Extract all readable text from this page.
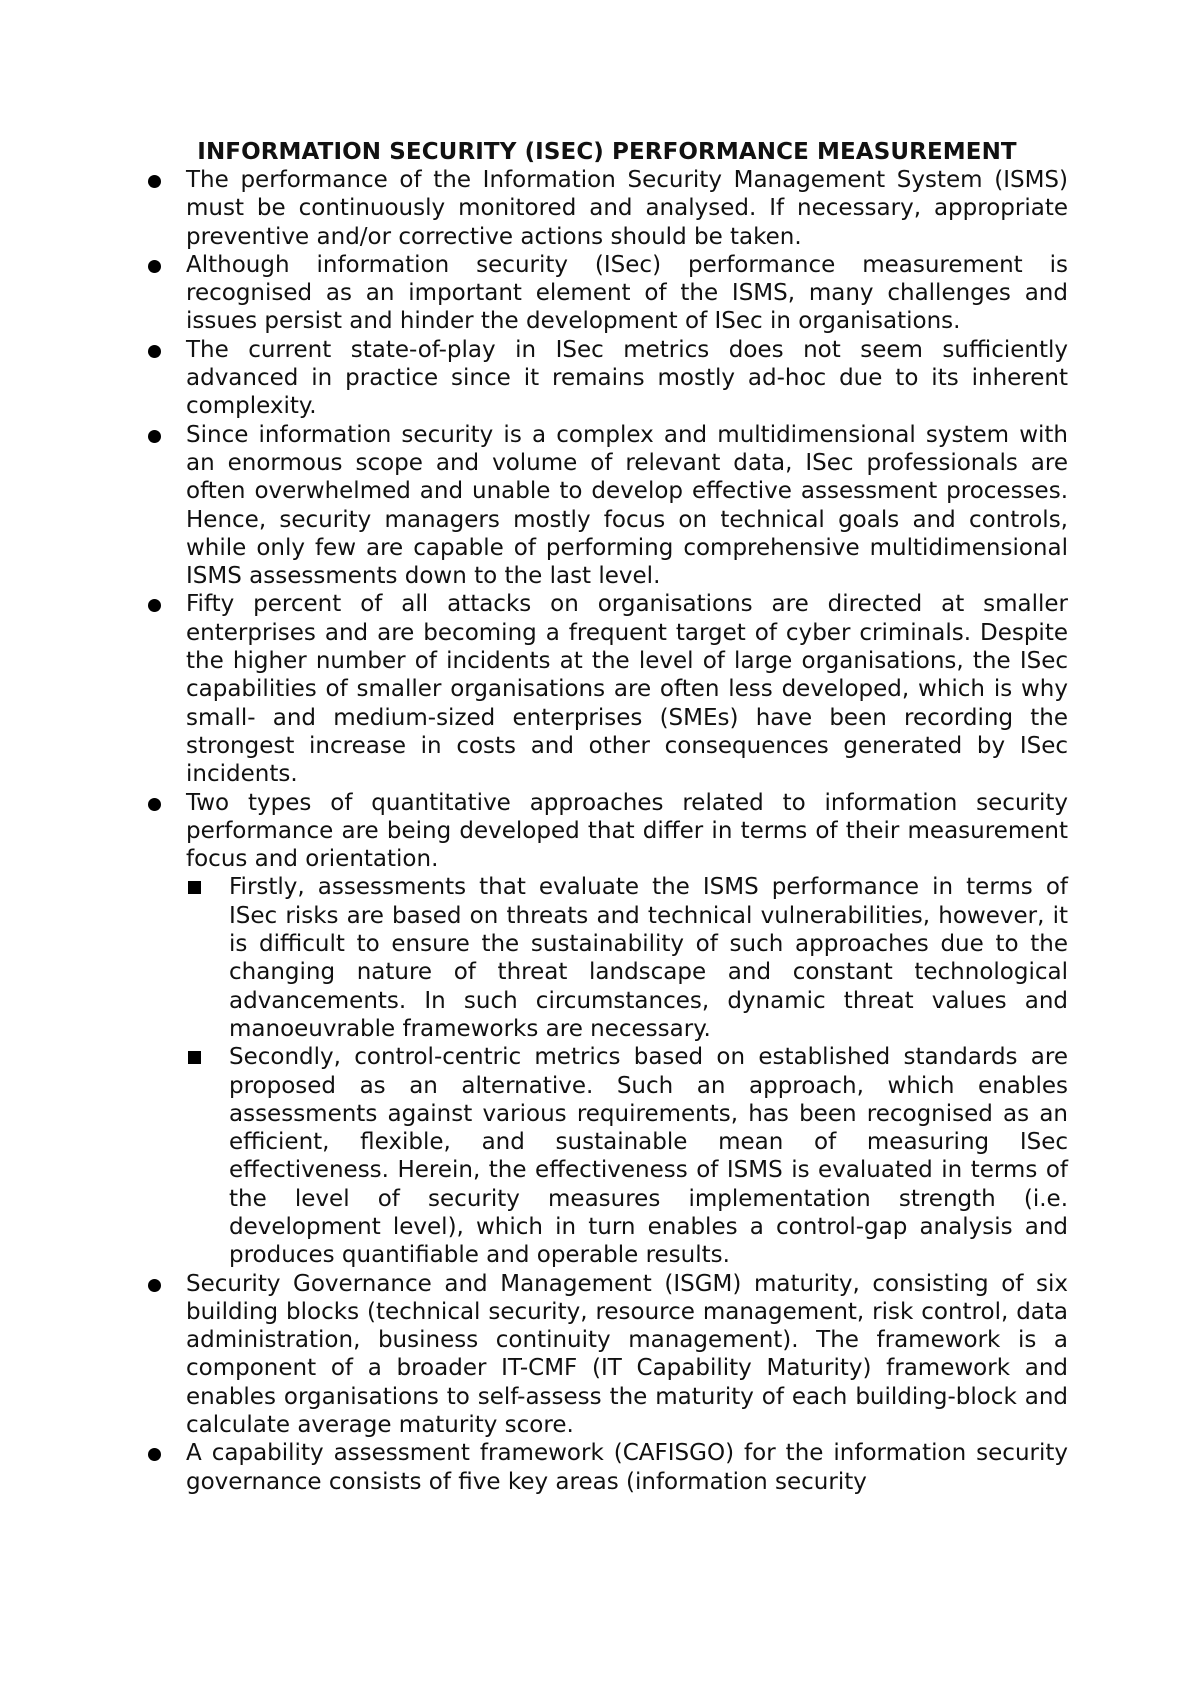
INFORMATION SECURITY (ISEC) PERFORMANCE MEASUREMENT
The performance of the Information Security Management System (ISMS) must be continuously monitored and analysed. If necessary, appropriate preventive and/or corrective actions should be taken.
Although information security (ISec) performance measurement is recognised as an important element of the ISMS, many challenges and issues persist and hinder the development of ISec in organisations.
The current state-of-play in ISec metrics does not seem sufficiently advanced in practice since it remains mostly ad-hoc due to its inherent complexity.
Since information security is a complex and multidimensional system with an enormous scope and volume of relevant data, ISec professionals are often overwhelmed and unable to develop effective assessment processes. Hence, security managers mostly focus on technical goals and controls, while only few are capable of performing comprehensive multidimensional ISMS assessments down to the last level.
Fifty percent of all attacks on organisations are directed at smaller enterprises and are becoming a frequent target of cyber criminals. Despite the higher number of incidents at the level of large organisations, the ISec capabilities of smaller organisations are often less developed, which is why small- and medium-sized enterprises (SMEs) have been recording the strongest increase in costs and other consequences generated by ISec incidents.
Two types of quantitative approaches related to information security performance are being developed that differ in terms of their measurement focus and orientation.
Firstly, assessments that evaluate the ISMS performance in terms of ISec risks are based on threats and technical vulnerabilities, however, it is difficult to ensure the sustainability of such approaches due to the changing nature of threat landscape and constant technological advancements. In such circumstances, dynamic threat values and manoeuvrable frameworks are necessary.
Secondly, control-centric metrics based on established standards are proposed as an alternative. Such an approach, which enables assessments against various requirements, has been recognised as an efficient, flexible, and sustainable mean of measuring ISec effectiveness. Herein, the effectiveness of ISMS is evaluated in terms of the level of security measures implementation strength (i.e. development level), which in turn enables a control-gap analysis and produces quantifiable and operable results.
Security Governance and Management (ISGM) maturity, consisting of six building blocks (technical security, resource management, risk control, data administration, business continuity management). The framework is a component of a broader IT-CMF (IT Capability Maturity) framework and enables organisations to self-assess the maturity of each building-block and calculate average maturity score.
A capability assessment framework (CAFISGO) for the information security governance consists of five key areas (information security
